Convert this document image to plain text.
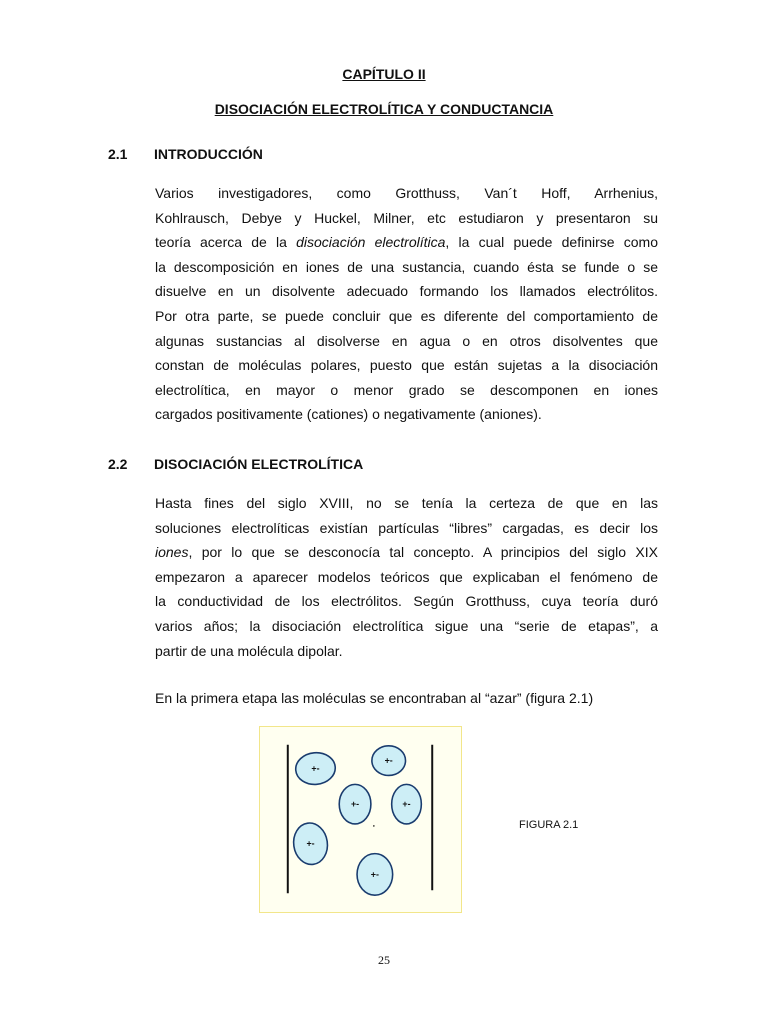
CAPÍTULO II
DISOCIACIÓN ELECTROLÍTICA Y CONDUCTANCIA
2.1 INTRODUCCIÓN
Varios investigadores, como Grotthuss, Van´t Hoff, Arrhenius,
Kohlrausch, Debye y Huckel, Milner, etc estudiaron y presentaron su
teoría acerca de la disociación electrolítica, la cual puede definirse como
la descomposición en iones de una sustancia, cuando ésta se funde o se
disuelve en un disolvente adecuado formando los llamados electrólitos.
Por otra parte, se puede concluir que es diferente del comportamiento de
algunas sustancias al disolverse en agua o en otros disolventes que
constan de moléculas polares, puesto que están sujetas a la disociación
electrolítica, en mayor o menor grado se descomponen en iones
cargados positivamente (cationes) o negativamente (aniones).
2.2 DISOCIACIÓN ELECTROLÍTICA
Hasta fines del siglo XVIII, no se tenía la certeza de que en las
soluciones electrolíticas existían partículas “libres” cargadas, es decir los
iones, por lo que se desconocía tal concepto. A principios del siglo XIX
empezaron a aparecer modelos teóricos que explicaban el fenómeno de
la conductividad de los electrólitos. Según Grotthuss, cuya teoría duró
varios años; la disociación electrolítica sigue una “serie de etapas”, a
partir de una molécula dipolar.
En la primera etapa las moléculas se encontraban al “azar” (figura 2.1)
+-
+-
+-	+-
+-
+-
FIGURA 2.1
25
